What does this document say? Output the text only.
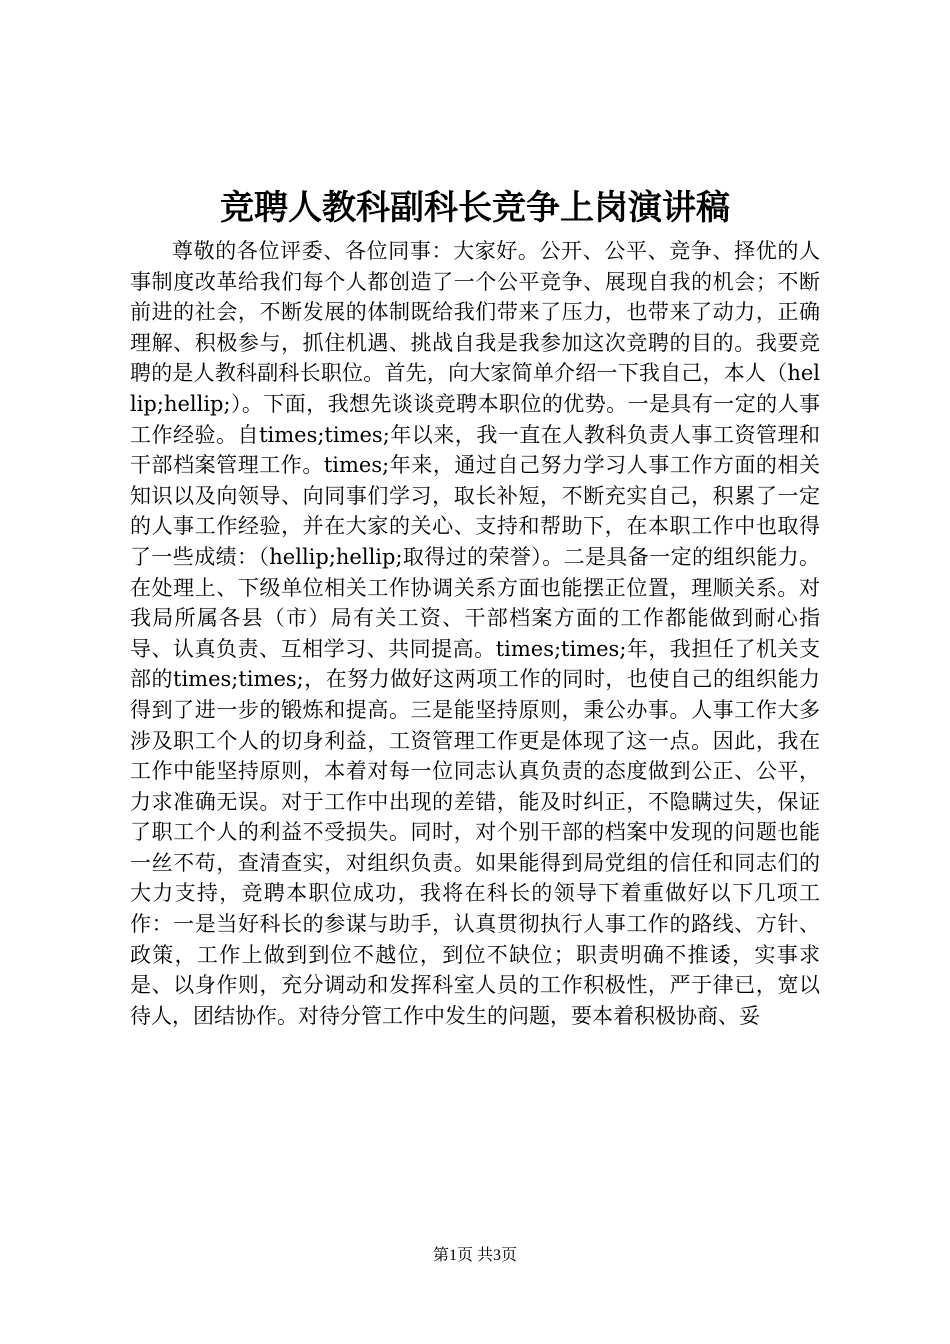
竞聘人教科副科长竞争上岗演讲稿

尊敬的各位评委、各位同事：大家好。公开、公平、竞争、择优的人事制度改革给我们每个人都创造了一个公平竞争、展现自我的机会；不断前进的社会，不断发展的体制既给我们带来了压力，也带来了动力，正确理解、积极参与，抓住机遇、挑战自我是我参加这次竞聘的目的。我要竞聘的是人教科副科长职位。首先，向大家简单介绍一下我自己，本人（hellip;hellip;）。下面，我想先谈谈竞聘本职位的优势。一是具有一定的人事工作经验。自times;times;年以来，我一直在人教科负责人事工资管理和干部档案管理工作。times;年来，通过自己努力学习人事工作方面的相关知识以及向领导、向同事们学习，取长补短，不断充实自己，积累了一定的人事工作经验，并在大家的关心、支持和帮助下，在本职工作中也取得了一些成绩：（hellip;hellip;取得过的荣誉）。二是具备一定的组织能力。在处理上、下级单位相关工作协调关系方面也能摆正位置，理顺关系。对我局所属各县（市）局有关工资、干部档案方面的工作都能做到耐心指导、认真负责、互相学习、共同提高。times;times;年，我担任了机关支部的times;times;，在努力做好这两项工作的同时，也使自己的组织能力得到了进一步的锻炼和提高。三是能坚持原则，秉公办事。人事工作大多涉及职工个人的切身利益，工资管理工作更是体现了这一点。因此，我在工作中能坚持原则，本着对每一位同志认真负责的态度做到公正、公平，力求准确无误。对于工作中出现的差错，能及时纠正，不隐瞒过失，保证了职工个人的利益不受损失。同时，对个别干部的档案中发现的问题也能一丝不苟，查清查实，对组织负责。如果能得到局党组的信任和同志们的大力支持，竞聘本职位成功，我将在科长的领导下着重做好以下几项工作：一是当好科长的参谋与助手，认真贯彻执行人事工作的路线、方针、政策，工作上做到到位不越位，到位不缺位；职责明确不推诿，实事求是、以身作则，充分调动和发挥科室人员的工作积极性，严于律已，宽以待人，团结协作。对待分管工作中发生的问题，要本着积极协商、妥

第1页 共3页
